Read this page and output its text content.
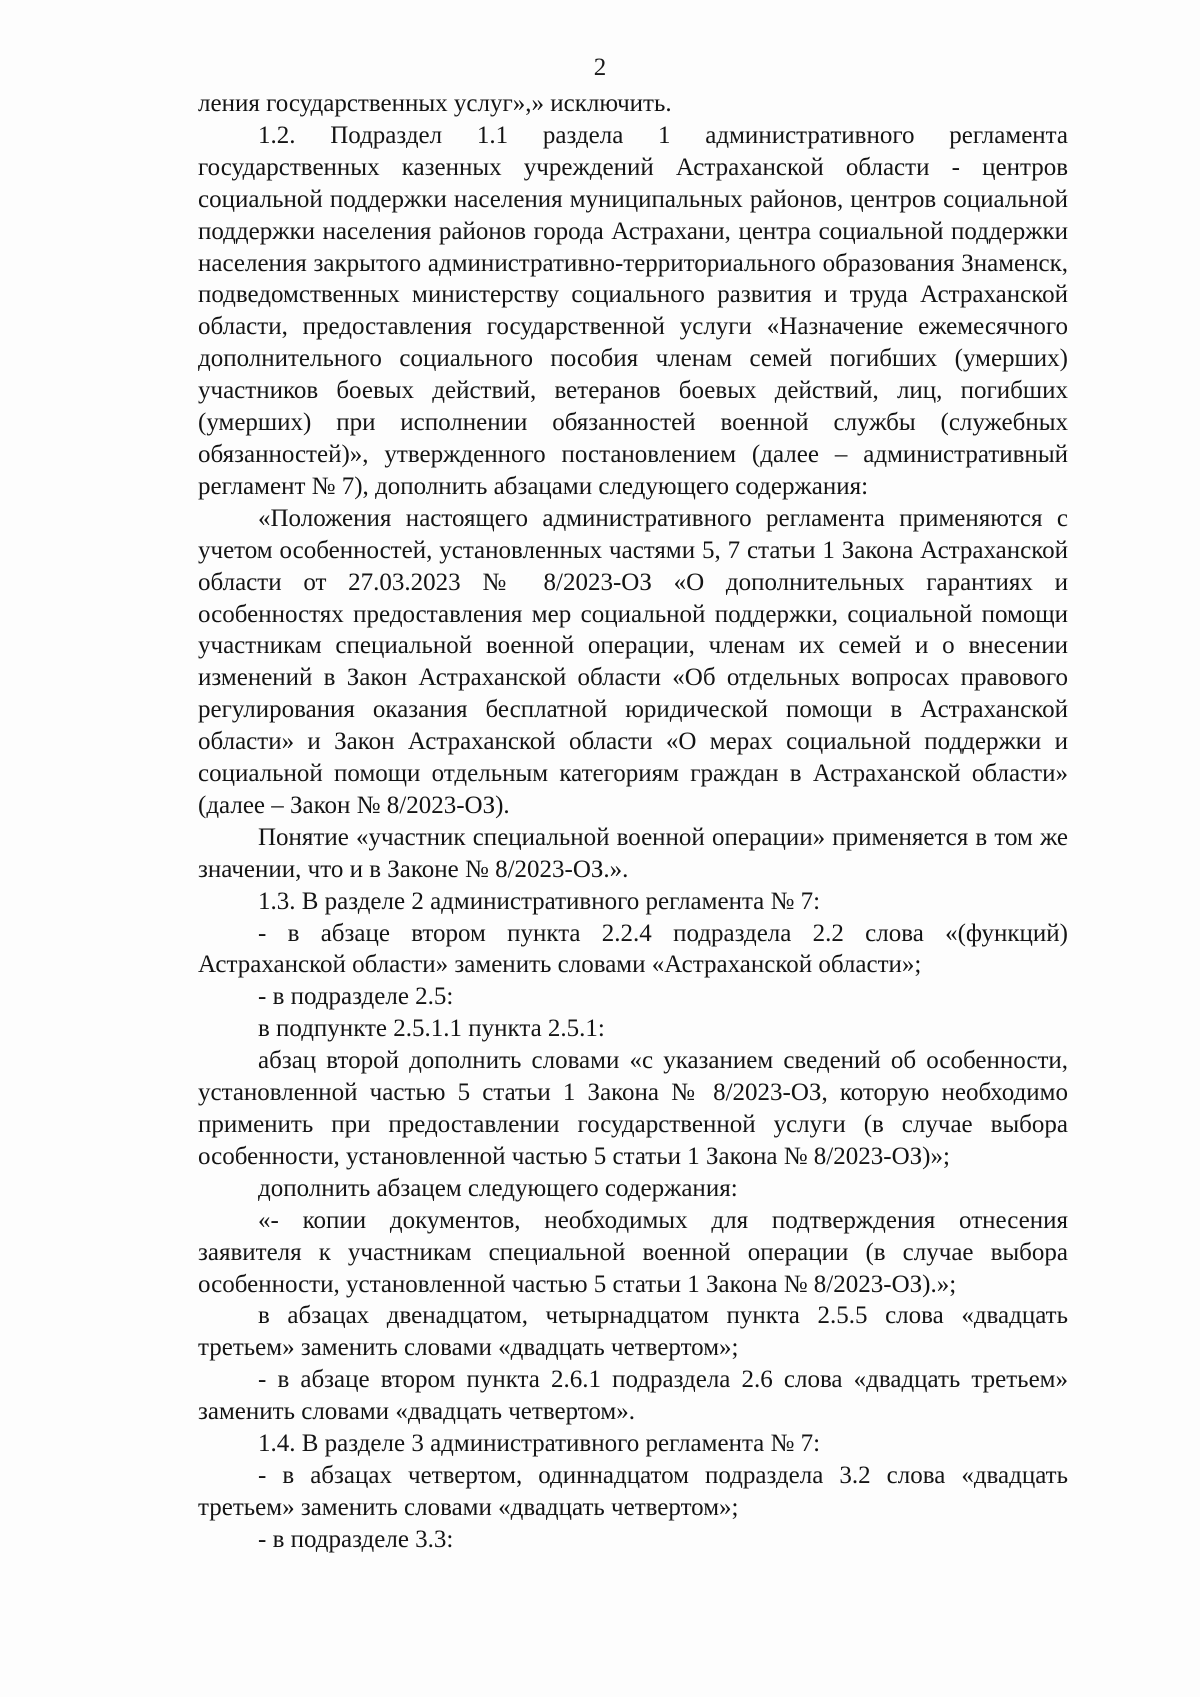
2

ления государственных услуг»,» исключить.

1.2. Подраздел 1.1 раздела 1 административного регламента государственных казенных учреждений Астраханской области - центров социальной поддержки населения муниципальных районов, центров социальной поддержки населения районов города Астрахани, центра социальной поддержки населения закрытого административно-территориального образования Знаменск, подведомственных министерству социального развития и труда Астраханской области, предоставления государственной услуги «Назначение ежемесячного дополнительного социального пособия членам семей погибших (умерших) участников боевых действий, ветеранов боевых действий, лиц, погибших (умерших) при исполнении обязанностей военной службы (служебных обязанностей)», утвержденного постановлением (далее – административный регламент № 7), дополнить абзацами следующего содержания:

«Положения настоящего административного регламента применяются с учетом особенностей, установленных частями 5, 7 статьи 1 Закона Астраханской области от 27.03.2023 № 8/2023-ОЗ «О дополнительных гарантиях и особенностях предоставления мер социальной поддержки, социальной помощи участникам специальной военной операции, членам их семей и о внесении изменений в Закон Астраханской области «Об отдельных вопросах правового регулирования оказания бесплатной юридической помощи в Астраханской области» и Закон Астраханской области «О мерах социальной поддержки и социальной помощи отдельным категориям граждан в Астраханской области» (далее – Закон № 8/2023-ОЗ).

Понятие «участник специальной военной операции» применяется в том же значении, что и в Законе № 8/2023-ОЗ.».

1.3. В разделе 2 административного регламента № 7:

- в абзаце втором пункта 2.2.4 подраздела 2.2 слова «(функций) Астраханской области» заменить словами «Астраханской области»;

- в подразделе 2.5:

в подпункте 2.5.1.1 пункта 2.5.1:

абзац второй дополнить словами «с указанием сведений об особенности, установленной частью 5 статьи 1 Закона № 8/2023-ОЗ, которую необходимо применить при предоставлении государственной услуги (в случае выбора особенности, установленной частью 5 статьи 1 Закона № 8/2023-ОЗ)»;

дополнить абзацем следующего содержания:

«- копии документов, необходимых для подтверждения отнесения заявителя к участникам специальной военной операции (в случае выбора особенности, установленной частью 5 статьи 1 Закона № 8/2023-ОЗ).»;

в абзацах двенадцатом, четырнадцатом пункта 2.5.5 слова «двадцать третьем» заменить словами «двадцать четвертом»;

- в абзаце втором пункта 2.6.1 подраздела 2.6 слова «двадцать третьем» заменить словами «двадцать четвертом».

1.4. В разделе 3 административного регламента № 7:

- в абзацах четвертом, одиннадцатом подраздела 3.2 слова «двадцать третьем» заменить словами «двадцать четвертом»;

- в подразделе 3.3:
